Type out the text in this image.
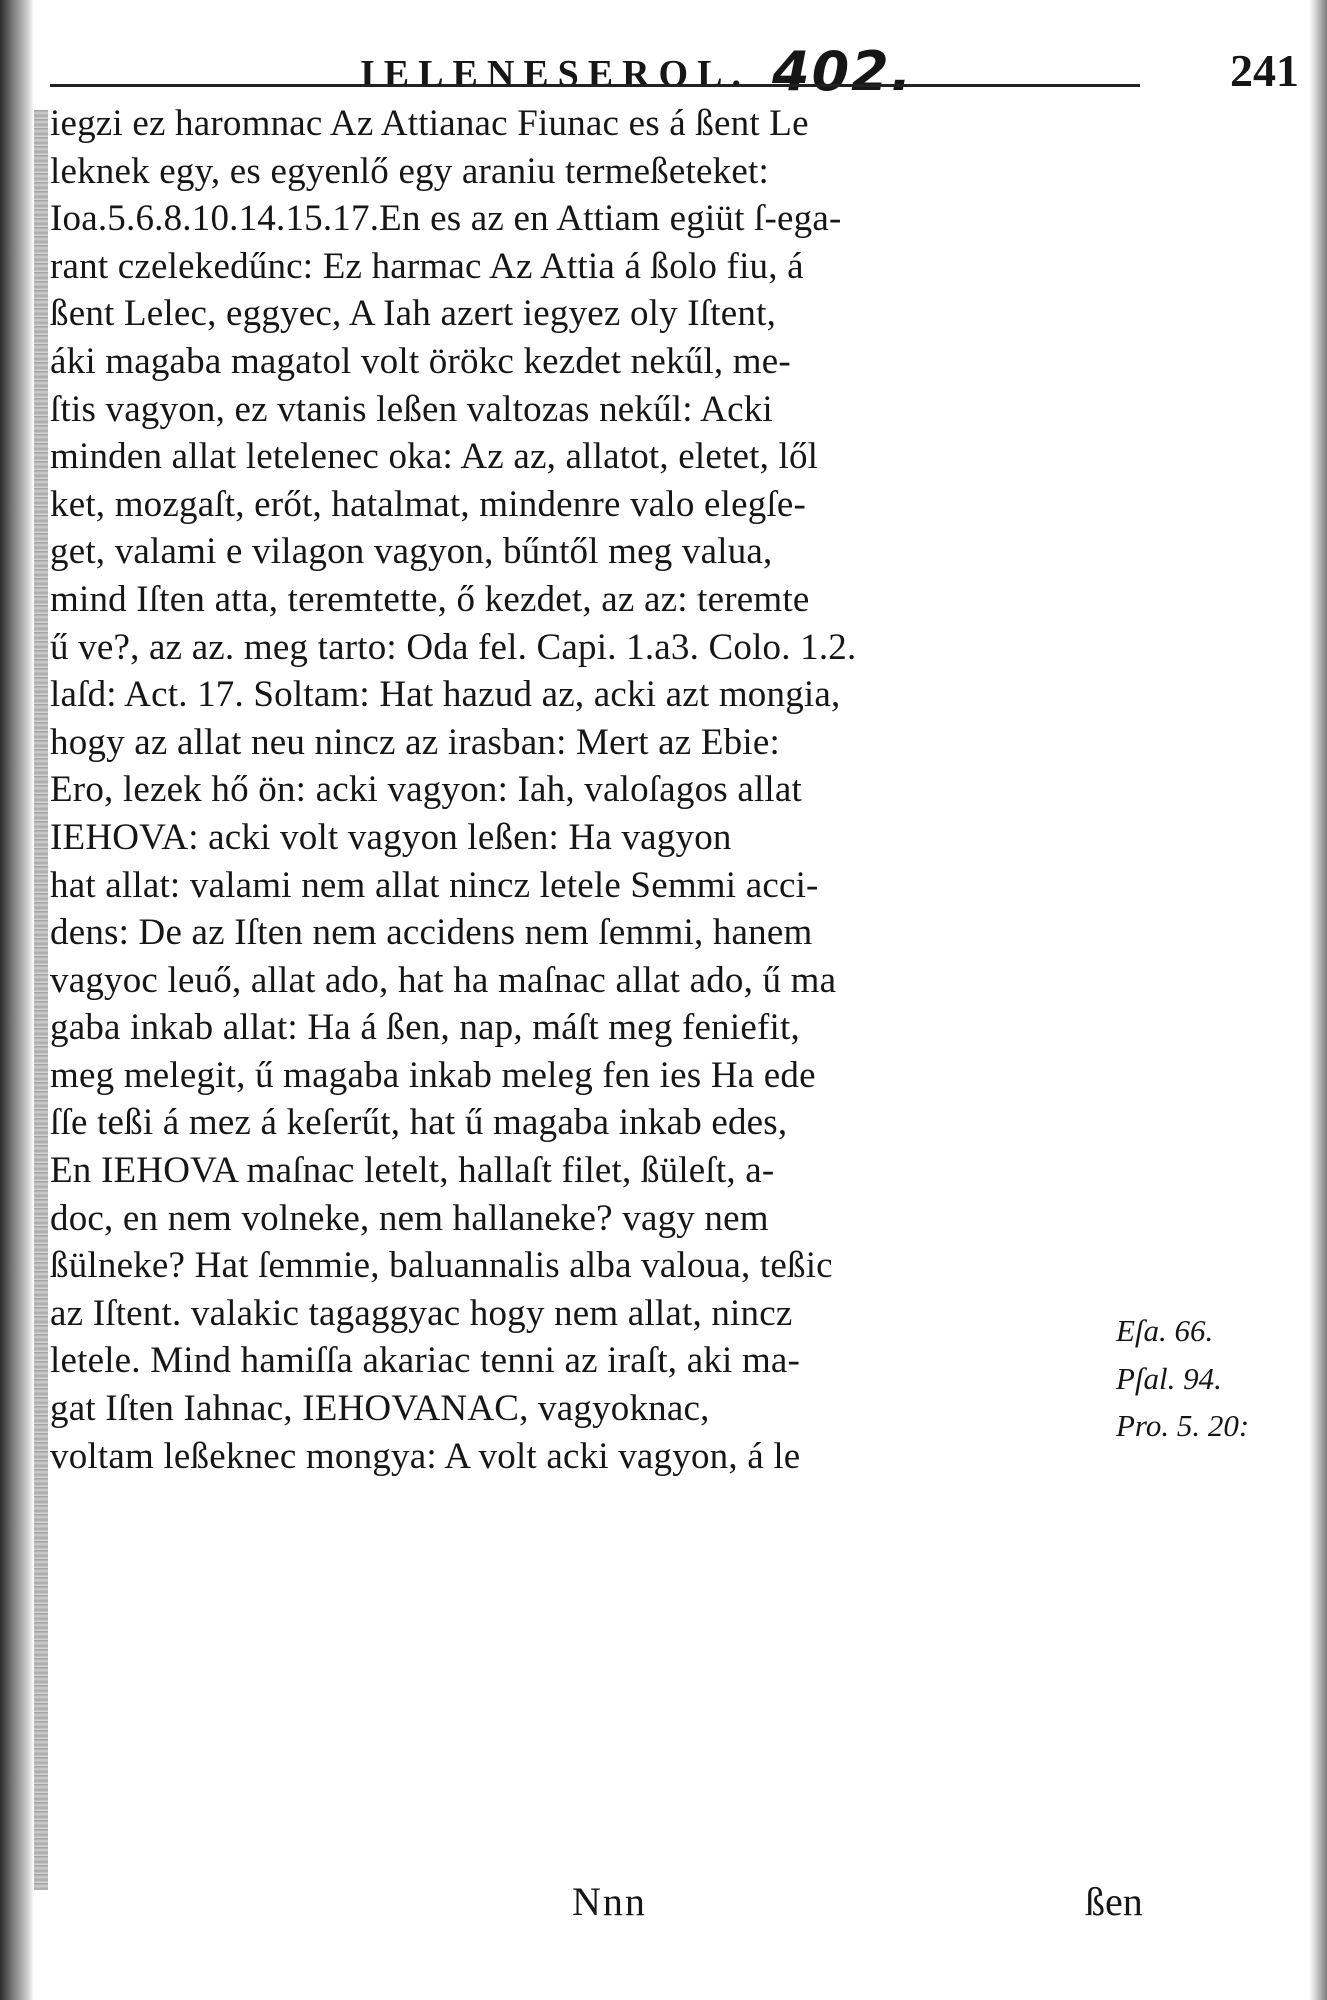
IELENESEROL. 402.	241
iegzi ez haromnac Az Attianac Fiunac es á ßent Le
leknek egy, es egyenlő egy araniu termeßeteket:
Ioa.5.6.8.10.14.15.17.En es az en Attiam egiüt ſ-ega-
rant czelekedűnc: Ez harmac Az Attia á ßolo fiu, á
ßent Lelec, eggyec, A Iah azert iegyez oly Iſtent,
áki magaba magatol volt örökc kezdet nekűl, me-
ſtis vagyon, ez vtanis leßen valtozas nekűl: Acki
minden allat letelenec oka: Az az, allatot, eletet, lől
ket, mozgaſt, erőt, hatalmat, mindenre valo elegſe-
get, valami e vilagon vagyon, bűntől meg valua,
mind Iſten atta, teremtette, ő kezdet, az az: teremte
ű ve?, az az. meg tarto: Oda fel. Capi. 1.a3. Colo. 1.2.
laſd: Act. 17. Soltam: Hat hazud az, acki azt mongia,
hogy az allat neu nincz az irasban: Mert az Ebie:
Ero, lezek hő ön: acki vagyon: Iah, valoſagos allat
IEHOVA: acki volt vagyon leßen: Ha vagyon
hat allat: valami nem allat nincz letele Semmi acci-
dens: De az Iſten nem accidens nem ſemmi, hanem
vagyoc leuő, allat ado, hat ha maſnac allat ado, ű ma
gaba inkab allat: Ha á ßen, nap, máſt meg feniefit,
meg melegit, ű magaba inkab meleg fen ies Ha ede
ſſe teßi á mez á keſerűt, hat ű magaba inkab edes,
En IEHOVA maſnac letelt, hallaſt filet, ßüleſt, a-
doc, en nem volneke, nem hallaneke? vagy nem
ßülneke? Hat ſemmie, baluannalis alba valoua, teßic
az Iſtent. valakic tagaggyac hogy nem allat, nincz
letele. Mind hamiſſa akariac tenni az iraſt, aki ma-
gat Iſten Iahnac, IEHOVANAC, vagyoknac,
voltam leßeknec mongya: A volt acki vagyon, á le
Eſa. 66.
Pſal. 94.
Pro. 5. 20:
Nnn	ßen
